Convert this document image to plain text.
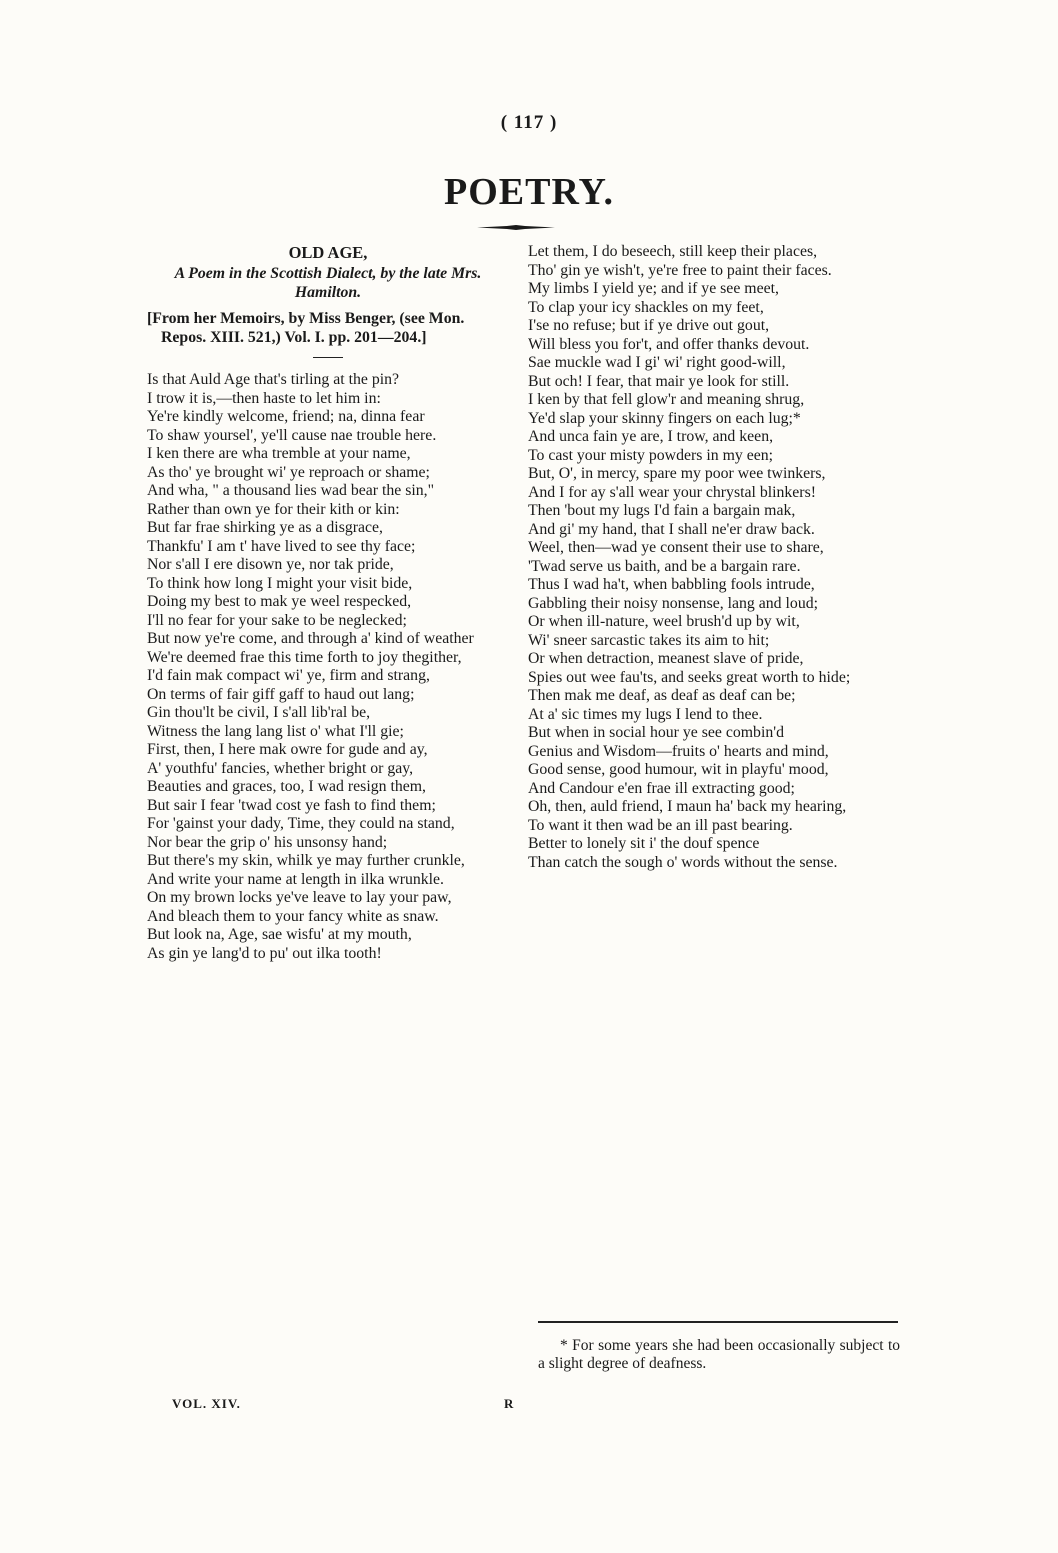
( 117 )
POETRY.
OLD AGE,
A Poem in the Scottish Dialect, by the late Mrs. Hamilton.
[From her Memoirs, by Miss Benger, (see Mon. Repos. XIII. 521,) Vol. I. pp. 201—204.]

Is that Auld Age that's tirling at the pin?

I trow it is,—then haste to let him in:

Ye're kindly welcome, friend; na, dinna fear

To shaw yoursel', ye'll cause nae trouble here.

I ken there are wha tremble at your name,

As tho' ye brought wi' ye reproach or shame;

And wha, " a thousand lies wad bear the sin,"

Rather than own ye for their kith or kin:

But far frae shirking ye as a disgrace,

Thankfu' I am t' have lived to see thy face;

Nor s'all I ere disown ye, nor tak pride,

To think how long I might your visit bide,

Doing my best to mak ye weel respecked,

I'll no fear for your sake to be neglecked;

But now ye're come, and through a' kind of weather

We're deemed frae this time forth to joy thegither,

I'd fain mak compact wi' ye, firm and strang,

On terms of fair giff gaff to haud out lang;

Gin thou'lt be civil, I s'all lib'ral be,

Witness the lang lang list o' what I'll gie;

First, then, I here mak owre for gude and ay,

A' youthfu' fancies, whether bright or gay,

Beauties and graces, too, I wad resign them,

But sair I fear 'twad cost ye fash to find them;

For 'gainst your dady, Time, they could na stand,

Nor bear the grip o' his unsonsy hand;

But there's my skin, whilk ye may further crunkle,

And write your name at length in ilka wrunkle.

On my brown locks ye've leave to lay your paw,

And bleach them to your fancy white as snaw.

But look na, Age, sae wisfu' at my mouth,

As gin ye lang'd to pu' out ilka tooth!

Let them, I do beseech, still keep their places,

Tho' gin ye wish't, ye're free to paint their faces.

My limbs I yield ye; and if ye see meet,

To clap your icy shackles on my feet,

I'se no refuse; but if ye drive out gout,

Will bless you for't, and offer thanks devout.

Sae muckle wad I gi' wi' right good-will,

But och! I fear, that mair ye look for still.

I ken by that fell glow'r and meaning shrug,

Ye'd slap your skinny fingers on each lug;*

And unca fain ye are, I trow, and keen,

To cast your misty powders in my een;

But, O', in mercy, spare my poor wee twinkers,

And I for ay s'all wear your chrystal blinkers!

Then 'bout my lugs I'd fain a bargain mak,

And gi' my hand, that I shall ne'er draw back.

Weel, then—wad ye consent their use to share,

'Twad serve us baith, and be a bargain rare.

Thus I wad ha't, when babbling fools intrude,

Gabbling their noisy nonsense, lang and loud;

Or when ill-nature, weel brush'd up by wit,

Wi' sneer sarcastic takes its aim to hit;

Or when detraction, meanest slave of pride,

Spies out wee fau'ts, and seeks great worth to hide;

Then mak me deaf, as deaf as deaf can be;

At a' sic times my lugs I lend to thee.

But when in social hour ye see combin'd

Genius and Wisdom—fruits o' hearts and mind,

Good sense, good humour, wit in playfu' mood,

And Candour e'en frae ill extracting good;

Oh, then, auld friend, I maun ha' back my hearing,

To want it then wad be an ill past bearing.

Better to lonely sit i' the douf spence

Than catch the sough o' words without the sense.

* For some years she had been occasionally subject to a slight degree of deafness.
VOL. XIV.	R
